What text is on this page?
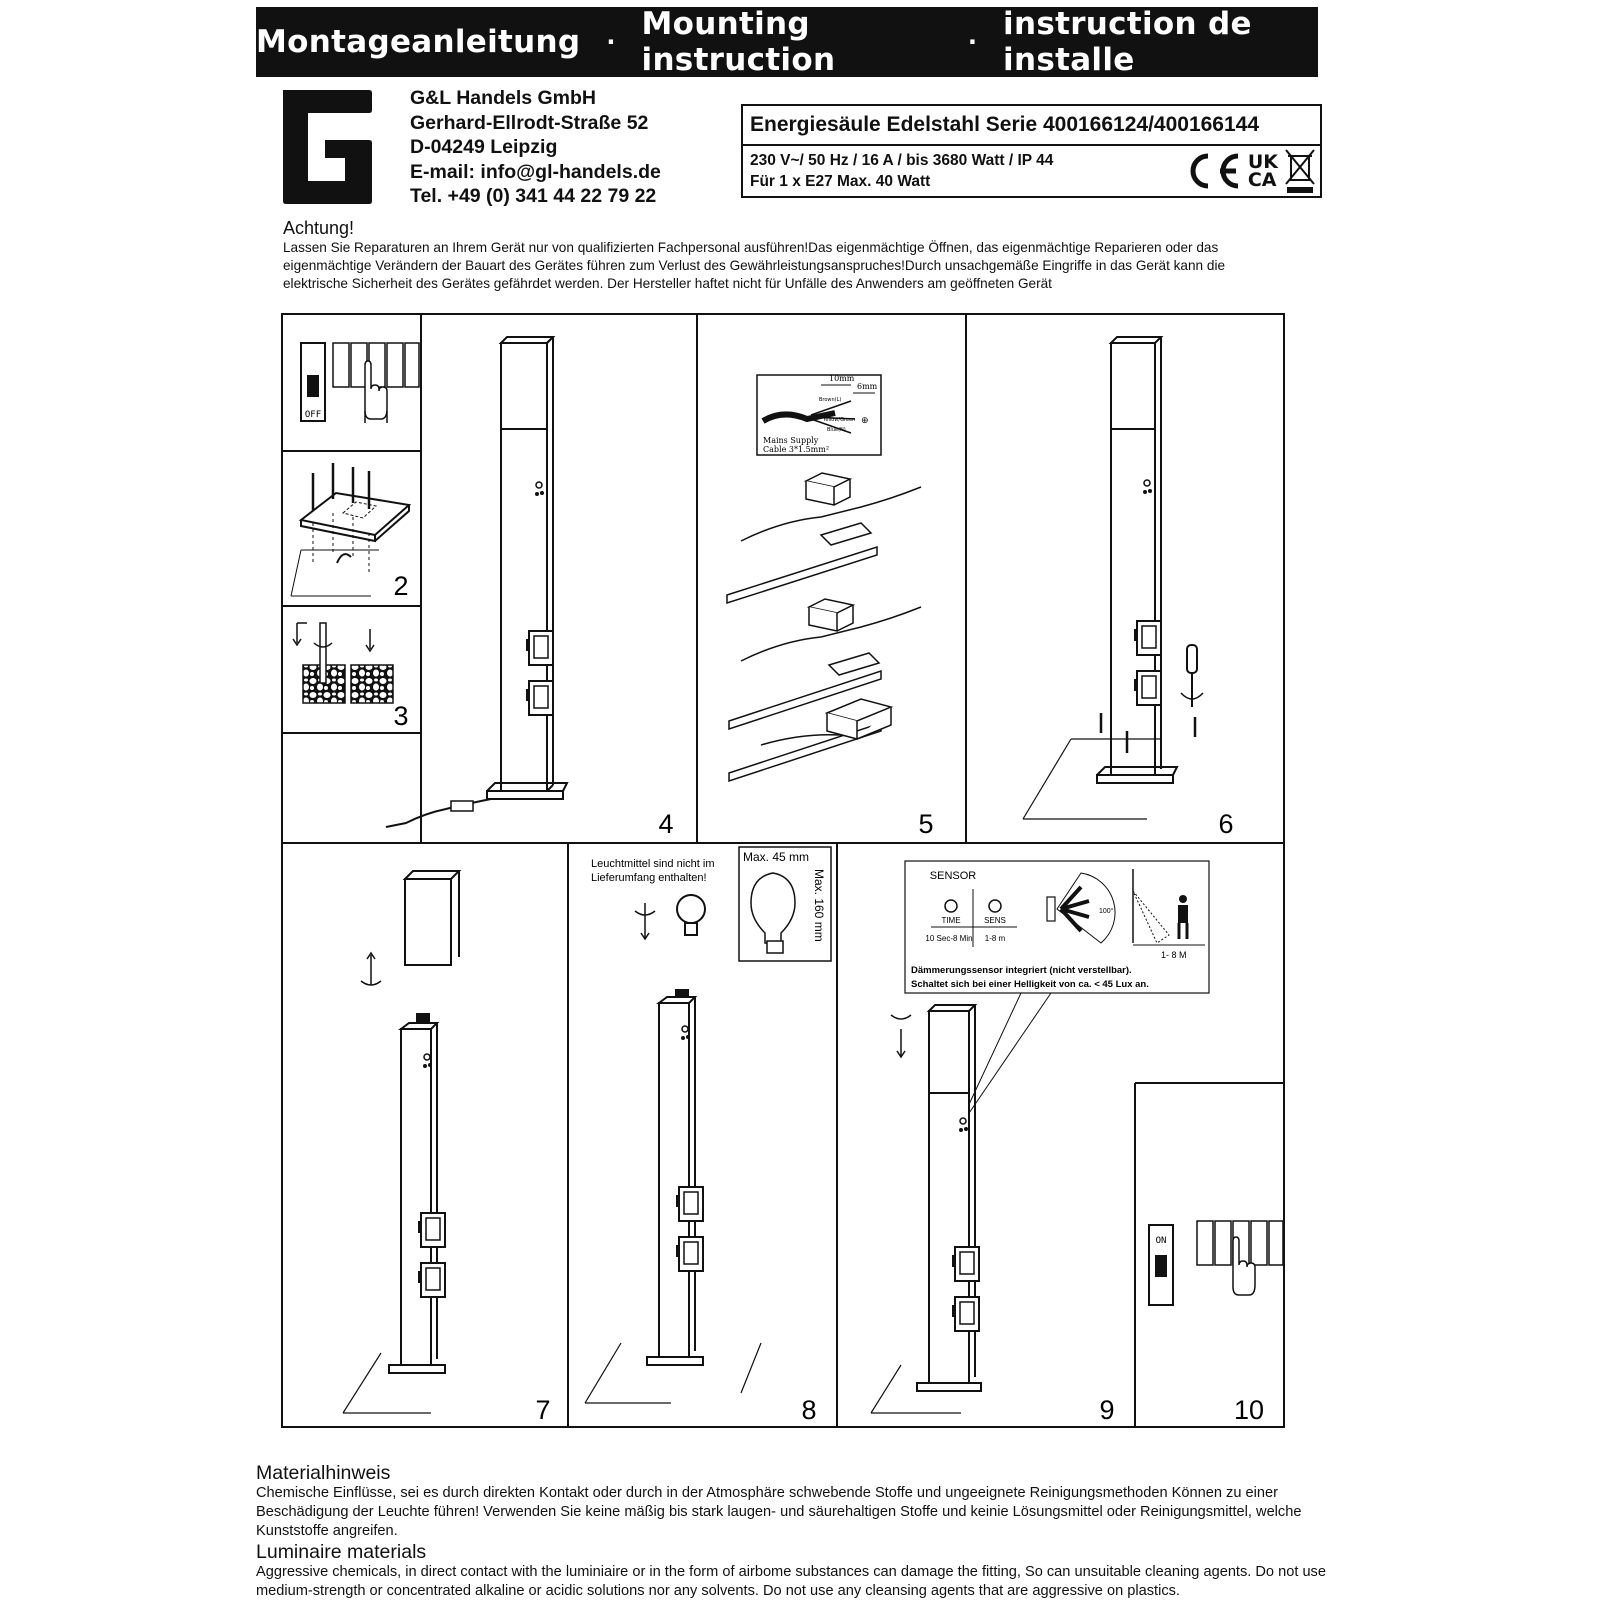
Montageanleitung · Mounting instruction	· instruction de installe
G&L Handels GmbH
Gerhard-Ellrodt-Straße 52
D-04249 Leipzig
E-mail: info@gl-handels.de
Tel. +49 (0) 341 44 22 79 22
Energiesäule Edelstahl Serie 400166124/400166144
230 V~/ 50 Hz / 16 A / bis 3680 Watt / IP 44
Für 1 x E27 Max. 40 Watt
UK
CA
Achtung!
Lassen Sie Reparaturen an Ihrem Gerät nur von qualifizierten Fachpersonal ausführen!Das eigenmächtige Öffnen, das eigenmächtige Reparieren oder das eigenmächtige Verändern der Bauart des Gerätes führen zum Verlust des Gewährleistungsanspruches!Durch unsachgemäße Eingriffe in das Gerät kann die elektrische Sicherheit des Gerätes gefährdet werden. Der Hersteller haftet nicht für Unfälle des Anwenders am geöffneten Gerät
OFF
2
3
4
10mm
6mm
Brown(L)
Yellow/Green
Blue(N)
⊕
Mains Supply
Cable 3*1.5mm²
5	6
7
Leuchtmittel sind nicht im
Lieferumfang enthalten!
Max. 45 mm
Max. 160 mm
8
SENSOR
TIME	SENS
10 Sec-8 Min 1-8 m
100°
1- 8 M
Dämmerungssensor integriert (nicht verstellbar).
Schaltet sich bei einer Helligkeit von ca. < 45 Lux an.
9
ON
10
Materialhinweis
Chemische Einflüsse, sei es durch direkten Kontakt oder durch in der Atmosphäre schwebende Stoffe und ungeeignete Reinigungsmethoden Können zu einer Beschädigung der Leuchte führen! Verwenden Sie keine mäßig bis stark laugen- und säurehaltigen Stoffe und keinie Lösungsmittel oder Reinigungsmittel, welche Kunststoffe angreifen.
Luminaire materials
Aggressive chemicals, in direct contact with the luminiaire or in the form of airbome substances can damage the fitting, So can unsuitable cleaning agents. Do not use medium-strength or concentrated alkaline or acidic solutions nor any solvents. Do not use any cleansing agents that are aggressive on plastics.
